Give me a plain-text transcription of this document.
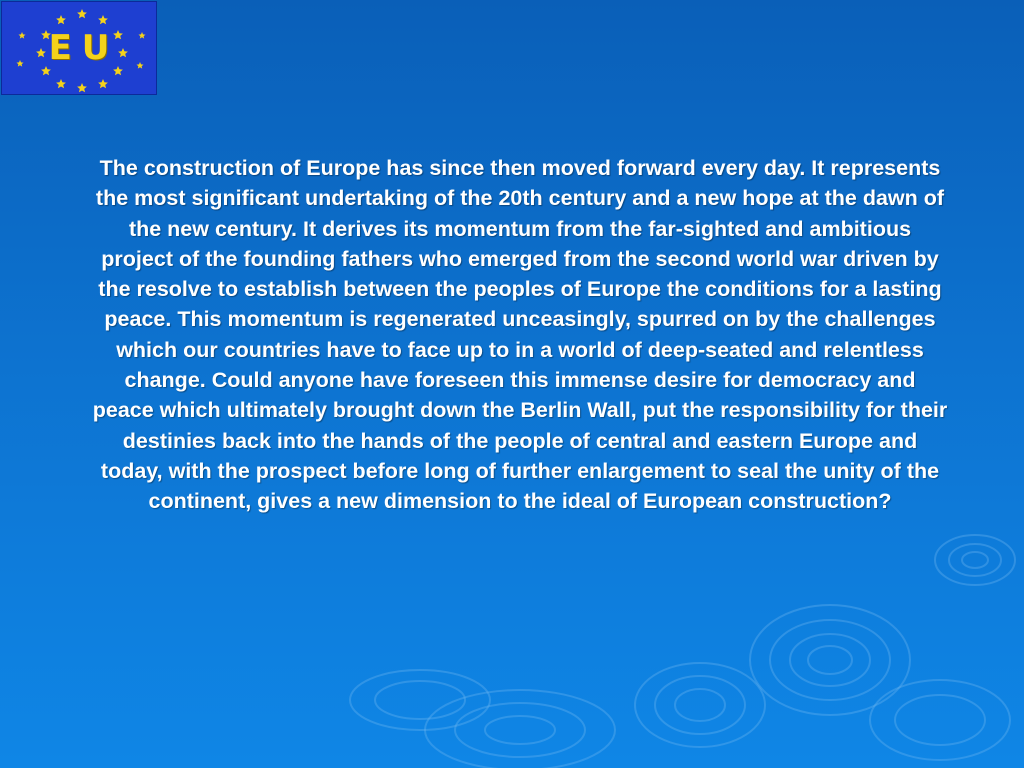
EU
The construction of Europe has since then moved forward every day. It represents the most significant undertaking of the 20th century and a new hope at the dawn of the new century. It derives its momentum from the far-sighted and ambitious project of the founding fathers who emerged from the second world war driven by the resolve to establish between the peoples of Europe the conditions for a lasting peace. This momentum is regenerated unceasingly, spurred on by the challenges which our countries have to face up to in a world of deep-seated and relentless change. Could anyone have foreseen this immense desire for democracy and peace which ultimately brought down the Berlin Wall, put the responsibility for their destinies back into the hands of the people of central and eastern Europe and today, with the prospect before long of further enlargement to seal the unity of the continent, gives a new dimension to the ideal of European construction?
